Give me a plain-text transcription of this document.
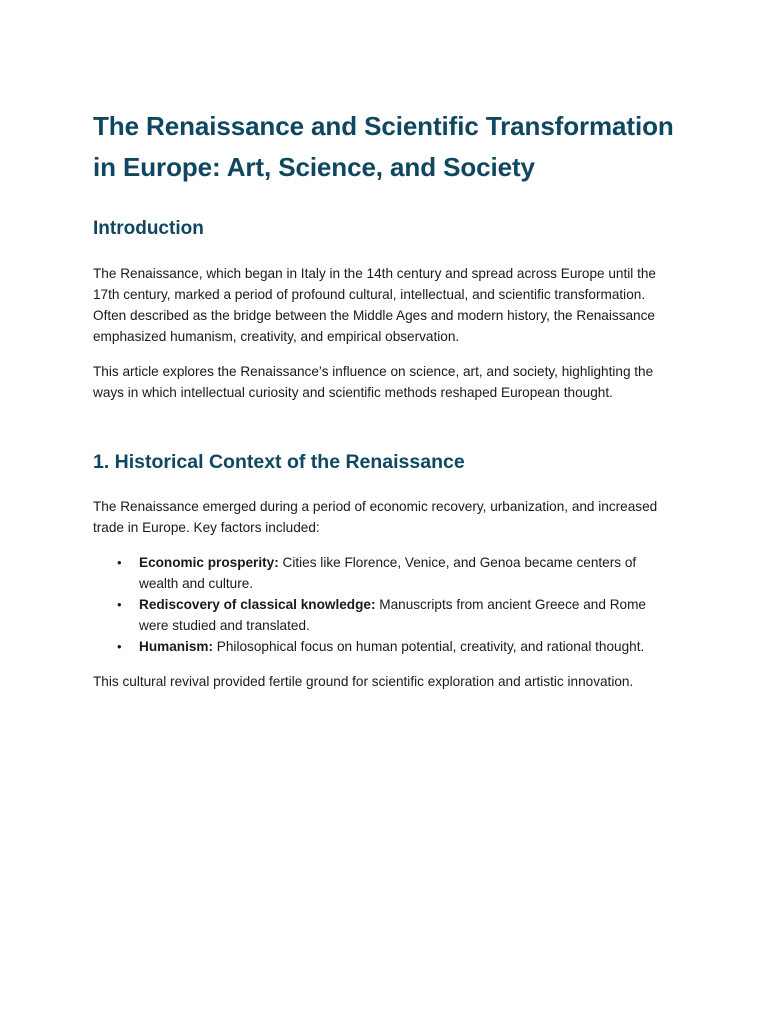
The Renaissance and Scientific Transformation in Europe: Art, Science, and Society
Introduction

The Renaissance, which began in Italy in the 14th century and spread across Europe until the 17th century, marked a period of profound cultural, intellectual, and scientific transformation. Often described as the bridge between the Middle Ages and modern history, the Renaissance emphasized humanism, creativity, and empirical observation.

This article explores the Renaissance’s influence on science, art, and society, highlighting the ways in which intellectual curiosity and scientific methods reshaped European thought.

1. Historical Context of the Renaissance

The Renaissance emerged during a period of economic recovery, urbanization, and increased trade in Europe. Key factors included:

• Economic prosperity: Cities like Florence, Venice, and Genoa became centers of wealth and culture.
• Rediscovery of classical knowledge: Manuscripts from ancient Greece and Rome were studied and translated.
• Humanism: Philosophical focus on human potential, creativity, and rational thought.

This cultural revival provided fertile ground for scientific exploration and artistic innovation.
